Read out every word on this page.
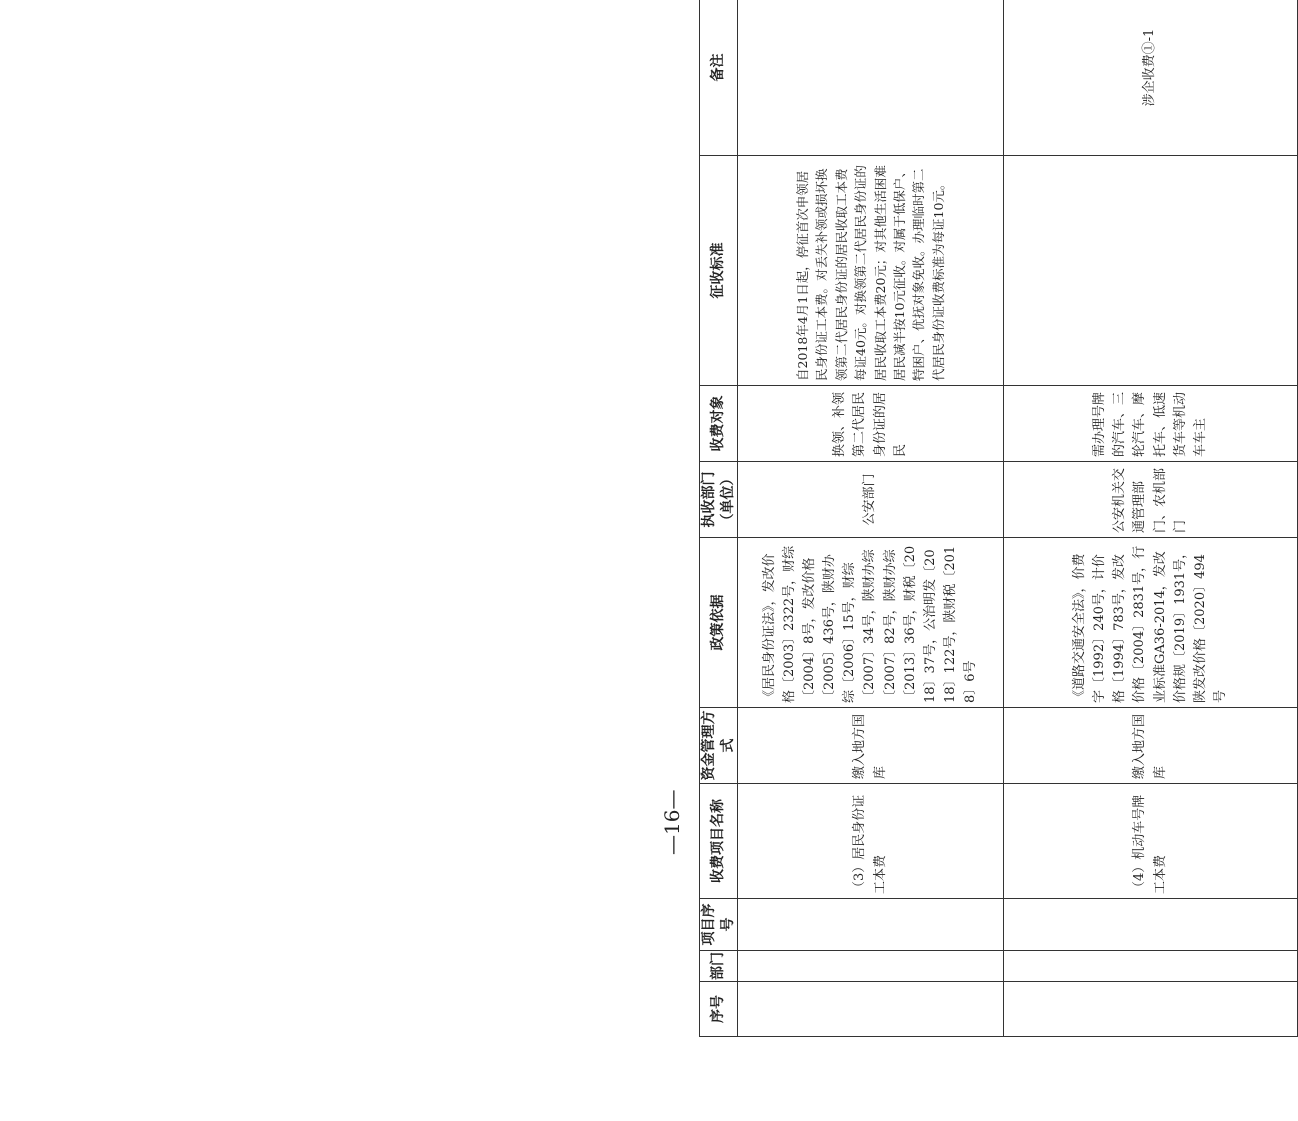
序号	部门	项目序号	收费项目名称	资金管理方式	政策依据	执收部门（单位）	收费对象	征收标准	备注
			（3）居民身份证工本费	缴入地方国库	《居民身份证法》，发改价格〔2003〕2322号，财综〔2004〕8号，发改价格〔2005〕436号，陕财办综〔2006〕15号，财综〔2007〕34号，陕财办综〔2007〕82号，陕财办综〔2013〕36号，财税〔2018〕37号，公治明发〔2018〕122号，陕财税〔2018〕6号	公安部门	换领、补领第二代居民身份证的居民	自2018年4月1日起，停征首次申领居民身份证工本费。对丢失补领或损坏换领第二代居民身份证的居民收取工本费每证40元。对换领第二代居民身份证的居民收取工本费20元；对其他生活困难居民减半按10元征收。对属于低保户、特困户、优抚对象免收。办理临时第二代居民身份证收费标准为每证10元。	
			（4）机动车号牌工本费	缴入地方国库	《道路交通安全法》，价费字〔1992〕240号，计价格〔1994〕783号，发改价格〔2004〕2831号，行业标准GA36-2014，发改价格规〔2019〕1931号，陕发改价格〔2020〕494号	公安机关交通管理部门、农机部门	需办理号牌的汽车、三轮汽车、摩托车、低速货车等机动车车主		涉企收费①-1
—16—
